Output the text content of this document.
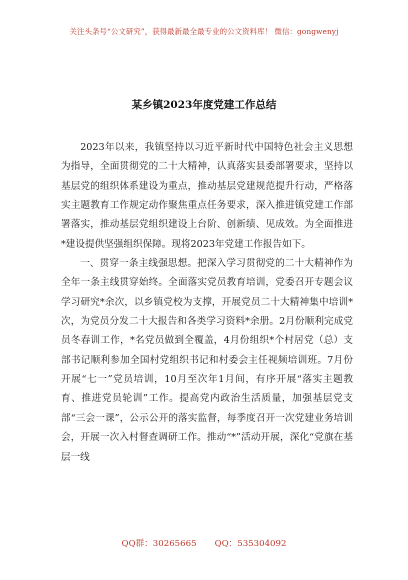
关注头条号“公文研究”，获得最新最全最专业的公文资料库！ 微信：gongwenyj
某乡镇2023年度党建工作总结

2023年以来，我镇坚持以习近平新时代中国特色社会主义思想为指导，全面贯彻党的二十大精神，认真落实县委部署要求，坚持以基层党的组织体系建设为重点，推动基层党建规范提升行动，严格落实主题教育工作规定动作聚焦重点任务要求，深入推进镇党建工作部署落实，推动基层党组织建设上台阶、创新绩、见成效。为全面推进*建设提供坚强组织保障。现将2023年党建工作报告如下。

一、贯穿一条主线强思想。把深入学习贯彻党的二十大精神作为全年一条主线贯穿始终。全面落实党员教育培训，党委召开专题会议学习研究*余次，以乡镇党校为支撑，开展党员二十大精神集中培训*次，为党员分发二十大报告和各类学习资料*余册。2月份顺利完成党员冬春训工作，*名党员做到全覆盖，4月份组织*个村居党（总）支部书记顺利参加全国村党组织书记和村委会主任视频培训班。7月份开展“七一”党员培训，10月至次年1月间，有序开展“落实主题教育、推进党员轮训”工作。提高党内政治生活质量，加强基层党支部“三会一课”，公示公开的落实监督，每季度召开一次党建业务培训会，开展一次入村督查调研工作。推动“*”活动开展，深化“党旗在基层一线

QQ群：30265665 QQ：535304092
